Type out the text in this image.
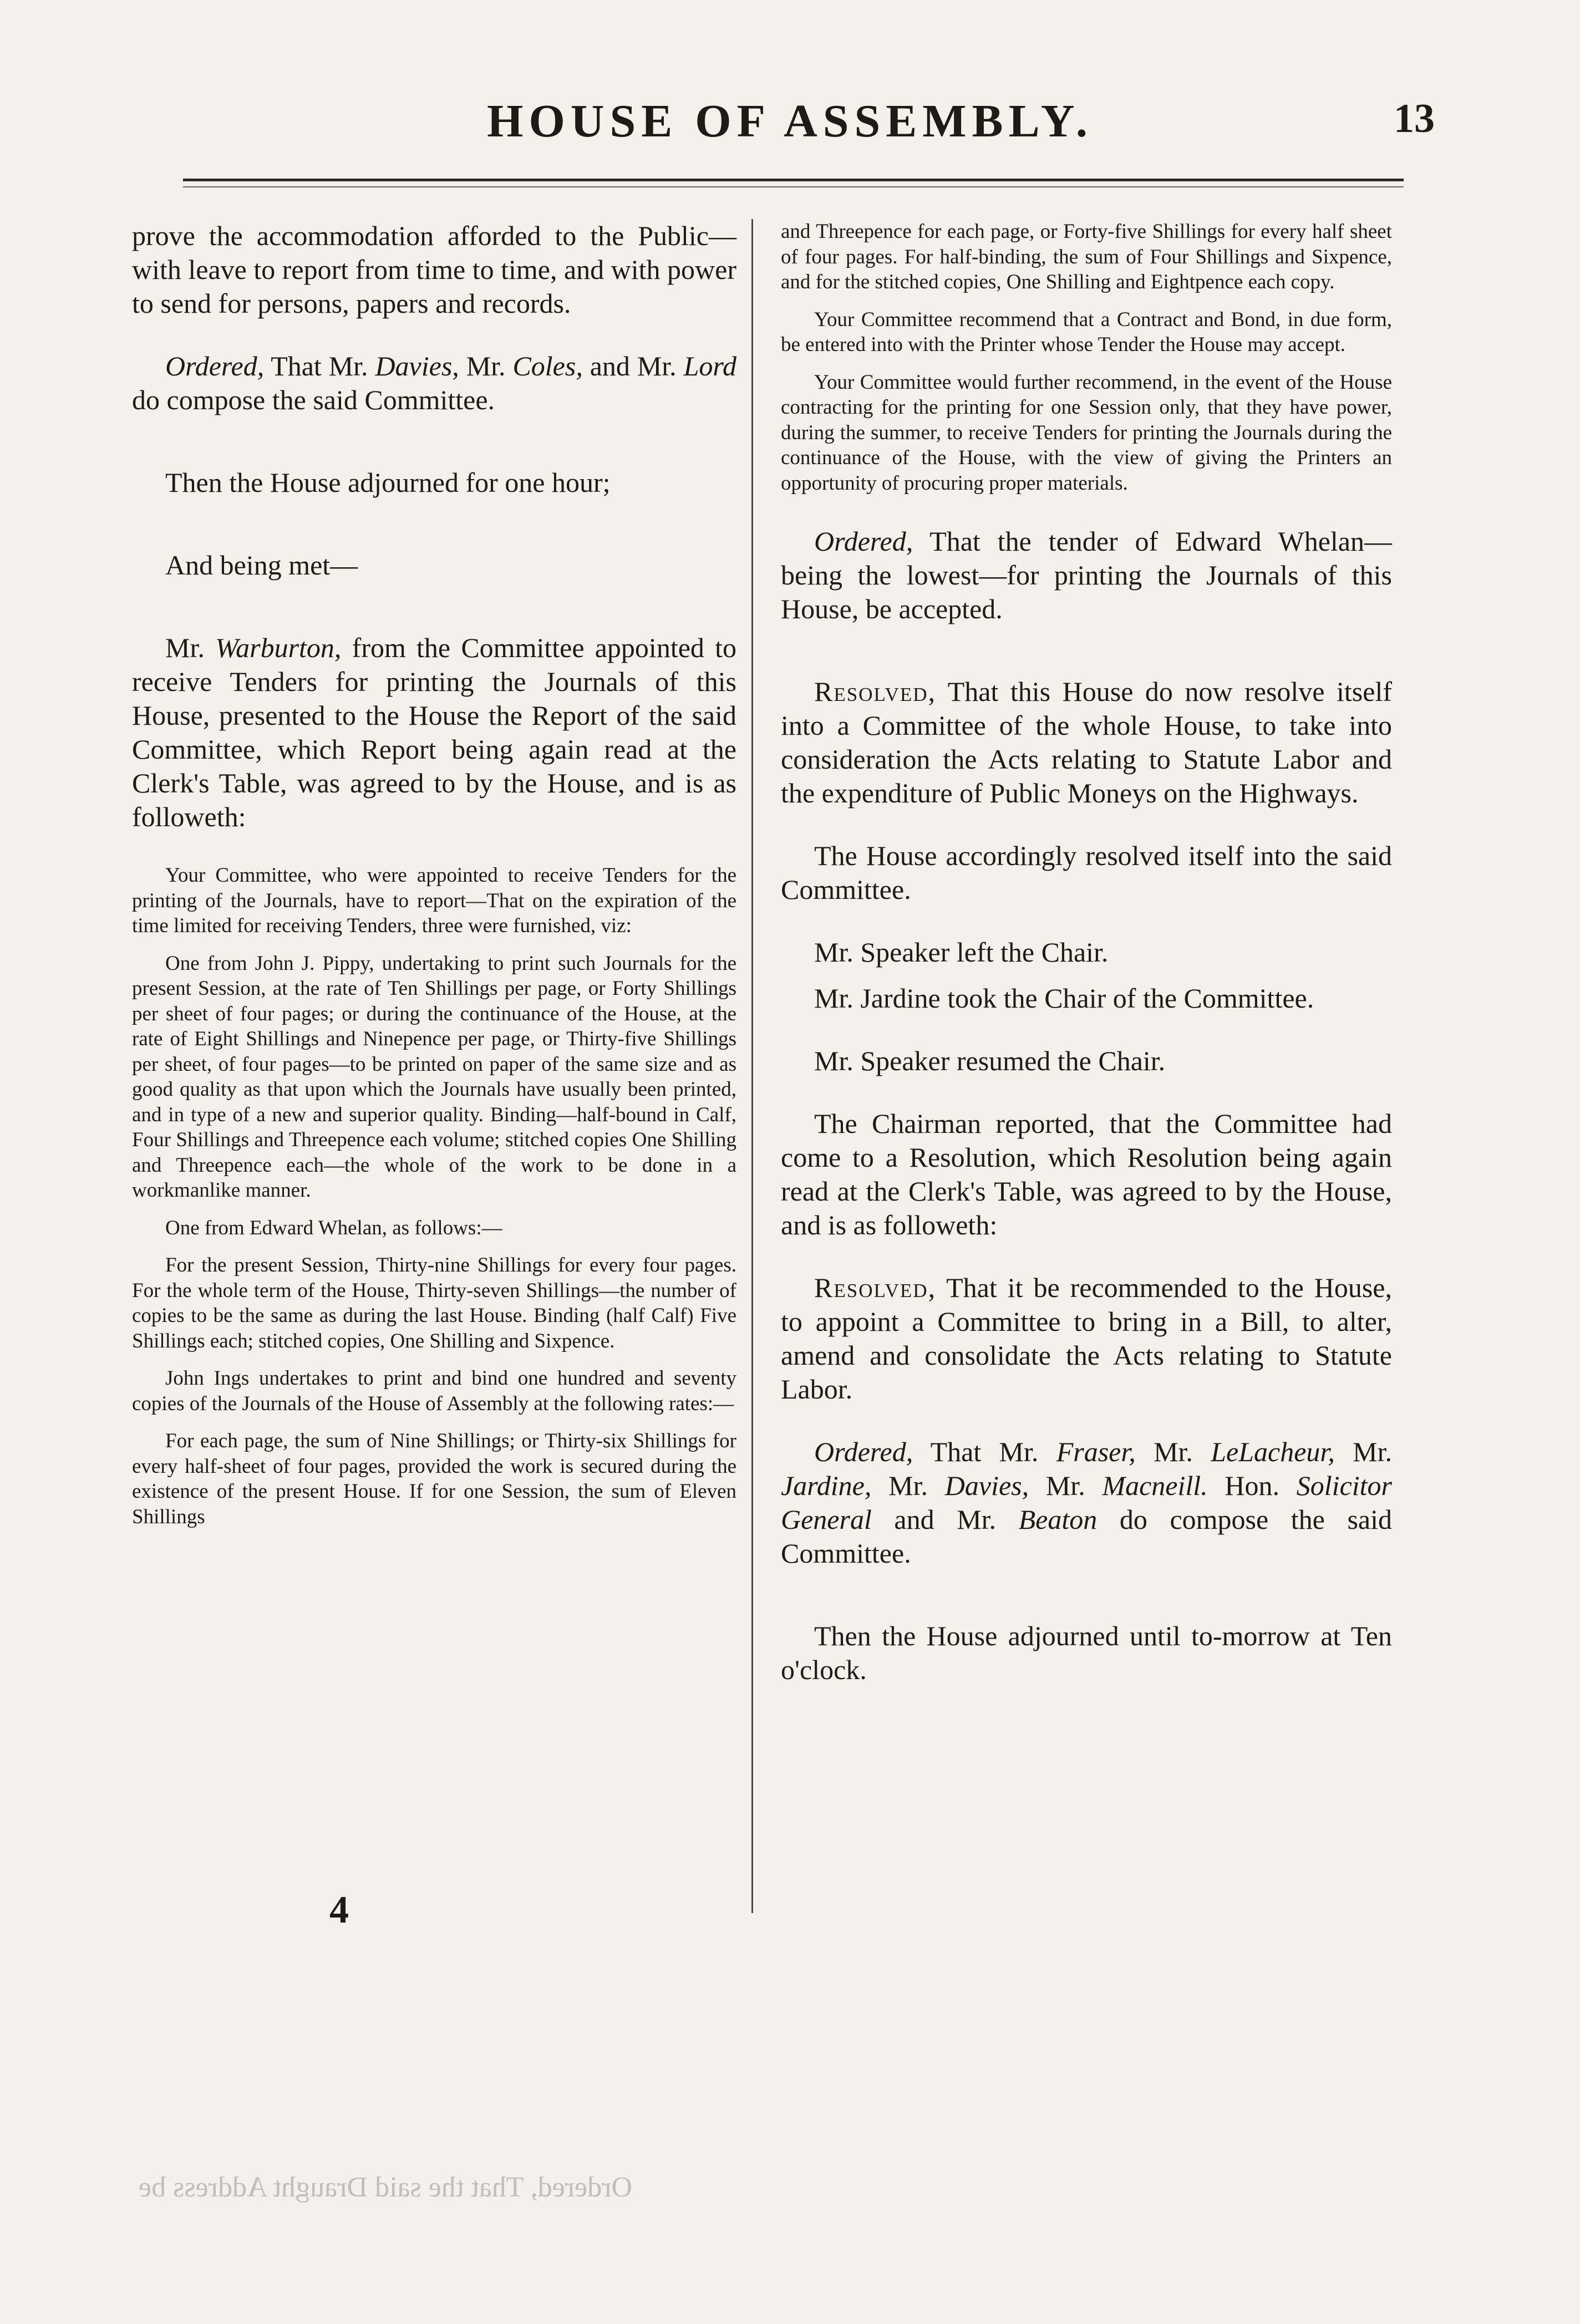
HOUSE OF ASSEMBLY.	13

prove the accommodation afforded to the Public—with leave to report from time to time, and with power to send for persons, papers and records.

Ordered, That Mr. Davies, Mr. Coles, and Mr. Lord do compose the said Committee.

Then the House adjourned for one hour;

And being met—

Mr. Warburton, from the Committee appointed to receive Tenders for printing the Journals of this House, presented to the House the Report of the said Committee, which Report being again read at the Clerk's Table, was agreed to by the House, and is as followeth:

Your Committee, who were appointed to receive Tenders for the printing of the Journals, have to report—That on the expiration of the time limited for receiving Tenders, three were furnished, viz:

One from John J. Pippy, undertaking to print such Journals for the present Session, at the rate of Ten Shillings per page, or Forty Shillings per sheet of four pages; or during the continuance of the House, at the rate of Eight Shillings and Ninepence per page, or Thirty-five Shillings per sheet, of four pages—to be printed on paper of the same size and as good quality as that upon which the Journals have usually been printed, and in type of a new and superior quality. Binding—half-bound in Calf, Four Shillings and Threepence each volume; stitched copies One Shilling and Threepence each—the whole of the work to be done in a workmanlike manner.

One from Edward Whelan, as follows:—

For the present Session, Thirty-nine Shillings for every four pages. For the whole term of the House, Thirty-seven Shillings—the number of copies to be the same as during the last House. Binding (half Calf) Five Shillings each; stitched copies, One Shilling and Sixpence.

John Ings undertakes to print and bind one hundred and seventy copies of the Journals of the House of Assembly at the following rates:—

For each page, the sum of Nine Shillings; or Thirty-six Shillings for every half-sheet of four pages, provided the work is secured during the existence of the present House. If for one Session, the sum of Eleven Shillings

and Threepence for each page, or Forty-five Shillings for every half sheet of four pages. For half-binding, the sum of Four Shillings and Sixpence, and for the stitched copies, One Shilling and Eightpence each copy.

Your Committee recommend that a Contract and Bond, in due form, be entered into with the Printer whose Tender the House may accept.

Your Committee would further recommend, in the event of the House contracting for the printing for one Session only, that they have power, during the summer, to receive Tenders for printing the Journals during the continuance of the House, with the view of giving the Printers an opportunity of procuring proper materials.

Ordered, That the tender of Edward Whelan—being the lowest—for printing the Journals of this House, be accepted.

Resolved, That this House do now resolve itself into a Committee of the whole House, to take into consideration the Acts relating to Statute Labor and the expenditure of Public Moneys on the Highways.

The House accordingly resolved itself into the said Committee.

Mr. Speaker left the Chair.

Mr. Jardine took the Chair of the Committee.

Mr. Speaker resumed the Chair.

The Chairman reported, that the Committee had come to a Resolution, which Resolution being again read at the Clerk's Table, was agreed to by the House, and is as followeth:

Resolved, That it be recommended to the House, to appoint a Committee to bring in a Bill, to alter, amend and consolidate the Acts relating to Statute Labor.

Ordered, That Mr. Fraser, Mr. LeLacheur, Mr. Jardine, Mr. Davies, Mr. Macneill. Hon. Solicitor General and Mr. Beaton do compose the said Committee.

Then the House adjourned until to-morrow at Ten o'clock.

4
Ordered, That the said Draught Address be
